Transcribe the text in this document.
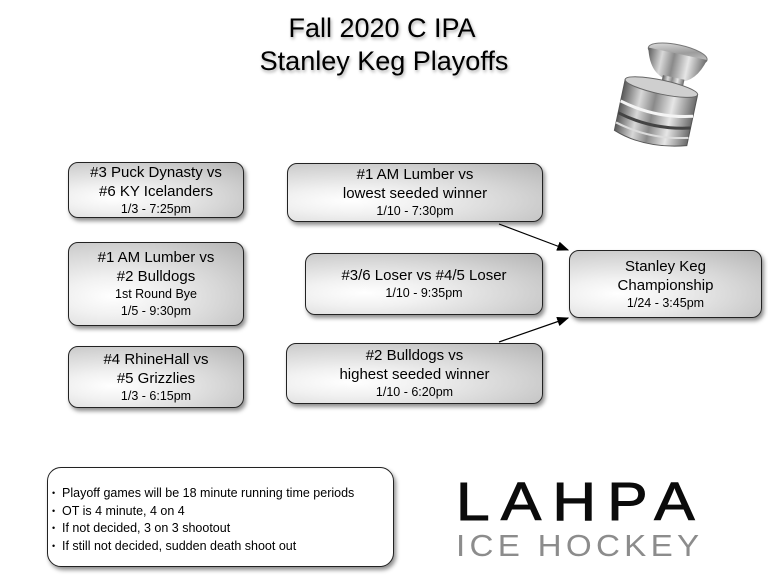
Fall 2020 C IPA
Stanley Keg Playoffs
#3 Puck Dynasty vs
#6 KY Icelanders
1/3 - 7:25pm
#1 AM Lumber vs
#2 Bulldogs
1st Round Bye
1/5 - 9:30pm
#4 RhineHall vs
#5 Grizzlies
1/3 - 6:15pm
#1 AM Lumber vs
lowest seeded winner
1/10 - 7:30pm
#3/6 Loser vs #4/5 Loser
1/10 - 9:35pm
#2 Bulldogs vs
highest seeded winner
1/10 - 6:20pm
Stanley Keg
Championship
1/24 - 3:45pm
• Playoff games will be 18 minute running time periods
• OT is 4 minute, 4 on 4
• If not decided, 3 on 3 shootout
• If still not decided, sudden death shoot out
LAHPA
ICE HOCKEY
